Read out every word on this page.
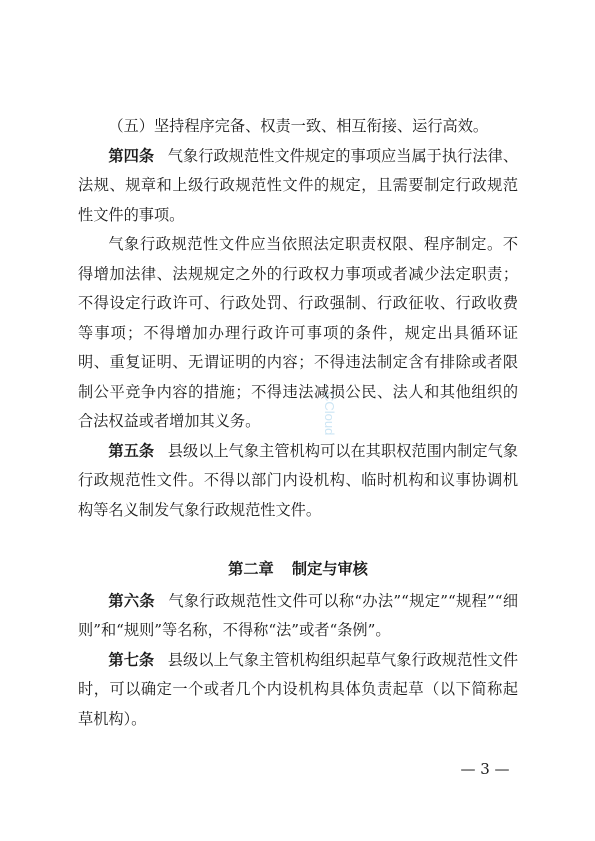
（五）坚持程序完备、权责一致、相互衔接、运行高效。

第四条 气象行政规范性文件规定的事项应当属于执行法律、法规、规章和上级行政规范性文件的规定，且需要制定行政规范性文件的事项。

气象行政规范性文件应当依照法定职责权限、程序制定。不得增加法律、法规规定之外的行政权力事项或者减少法定职责；不得设定行政许可、行政处罚、行政强制、行政征收、行政收费等事项；不得增加办理行政许可事项的条件，规定出具循环证明、重复证明、无谓证明的内容；不得违法制定含有排除或者限制公平竞争内容的措施；不得违法减损公民、法人和其他组织的合法权益或者增加其义务。

第五条 县级以上气象主管机构可以在其职权范围内制定气象行政规范性文件。不得以部门内设机构、临时机构和议事协调机构等名义制发气象行政规范性文件。

第二章 制定与审核

第六条 气象行政规范性文件可以称“办法”“规定”“规程”“细则”和“规则”等名称，不得称“法”或者“条例”。

第七条 县级以上气象主管机构组织起草气象行政规范性文件时，可以确定一个或者几个内设机构具体负责起草（以下简称起草机构）。

CCloud
— 3 —
